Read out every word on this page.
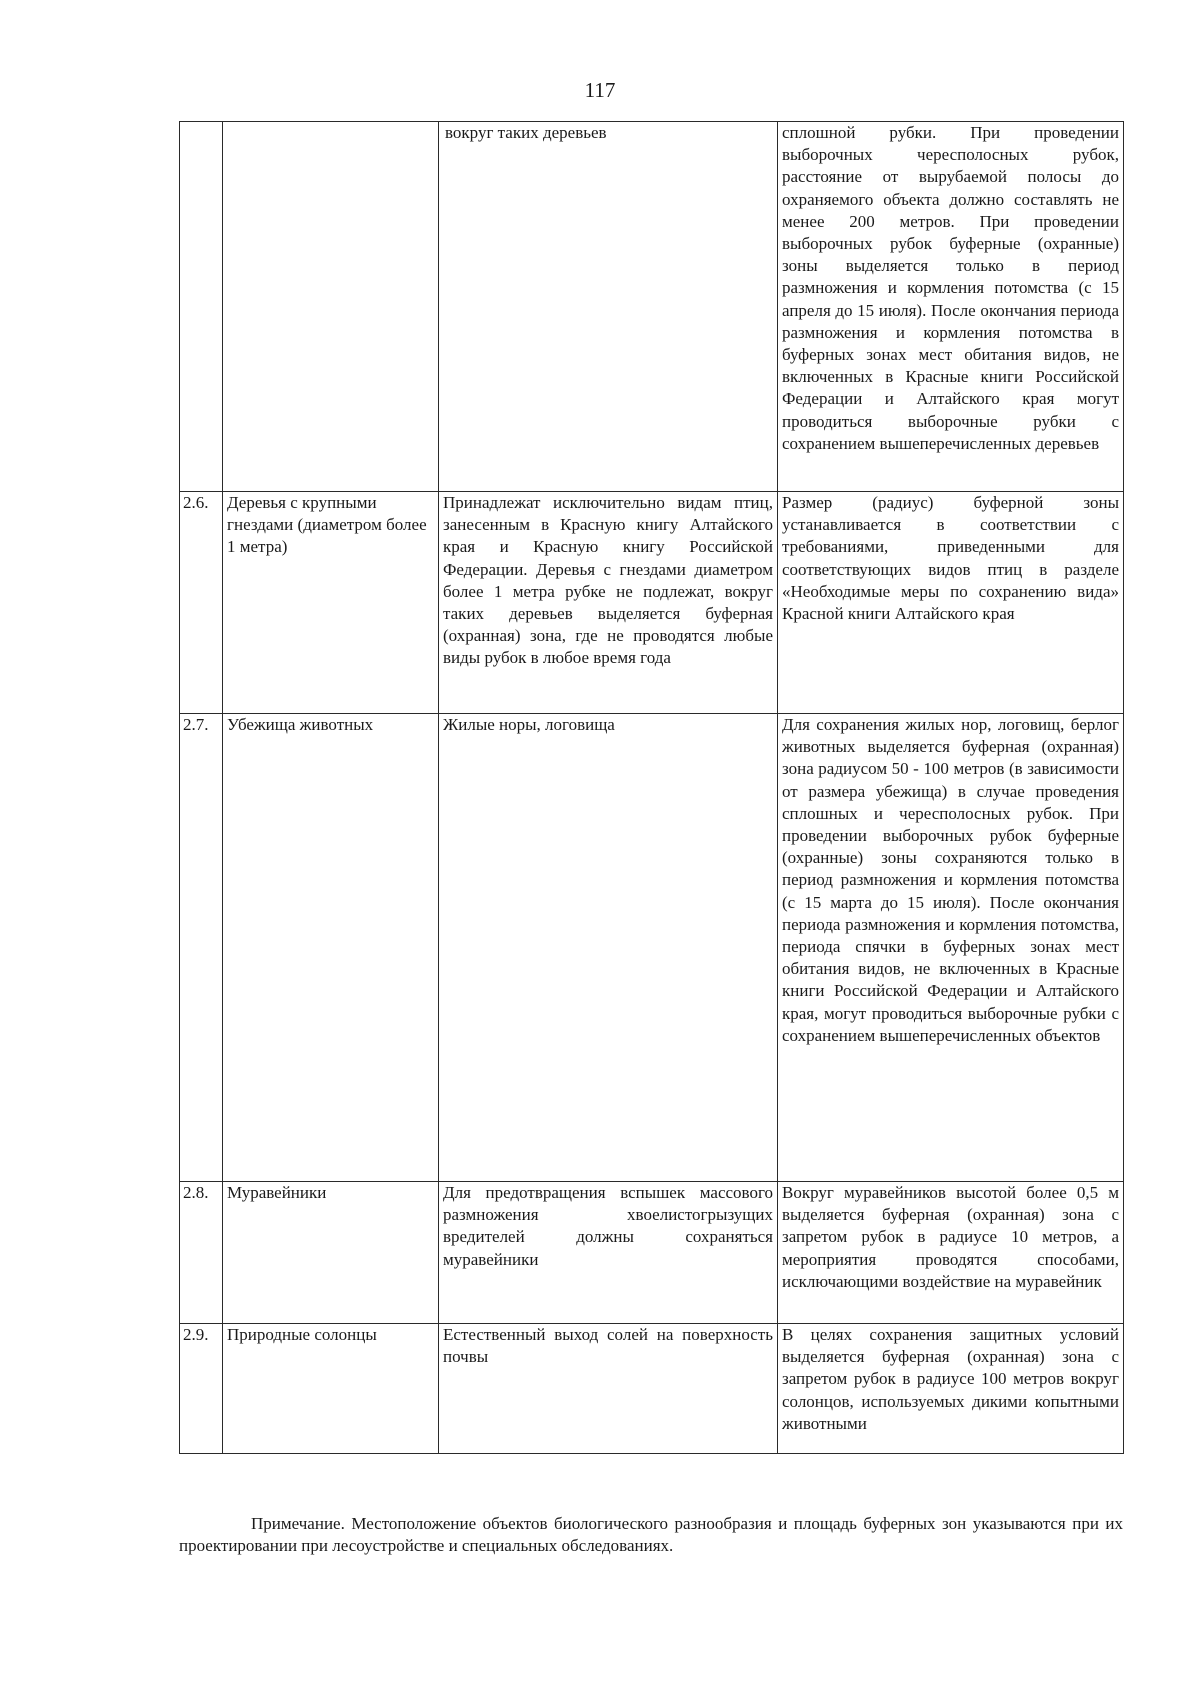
117

		вокруг таких деревьев	сплошной рубки. При проведении выборочных чересполосных рубок, расстояние от вырубаемой полосы до охраняемого объекта должно составлять не менее 200 метров. При проведении выборочных рубок буферные (охранные) зоны выделяется только в период размножения и кормления потомства (с 15 апреля до 15 июля). После окончания периода размножения и кормления потомства в буферных зонах мест обитания видов, не включенных в Красные книги Российской Федерации и Алтайского края могут проводиться выборочные рубки с сохранением вышеперечисленных деревьев
2.6.	Деревья с крупными гнездами (диаметром более 1 метра)	Принадлежат исключительно видам птиц, занесенным в Красную книгу Алтайского края и Красную книгу Российской Федерации. Деревья с гнездами диаметром более 1 метра рубке не подлежат, вокруг таких деревьев выделяется буферная (охранная) зона, где не проводятся любые виды рубок в любое время года	Размер (радиус) буферной зоны устанавливается в соответствии с требованиями, приведенными для соответствующих видов птиц в разделе «Необходимые меры по сохранению вида» Красной книги Алтайского края
2.7.	Убежища животных	Жилые норы, логовища	Для сохранения жилых нор, логовищ, берлог животных выделяется буферная (охранная) зона радиусом 50 - 100 метров (в зависимости от размера убежища) в случае проведения сплошных и чересполосных рубок. При проведении выборочных рубок буферные (охранные) зоны сохраняются только в период размножения и кормления потомства (с 15 марта до 15 июля). После окончания периода размножения и кормления потомства, периода спячки в буферных зонах мест обитания видов, не включенных в Красные книги Российской Федерации и Алтайского края, могут проводиться выборочные рубки с сохранением вышеперечисленных объектов
2.8.	Муравейники	Для предотвращения вспышек массового размножения хвоелистогрызущих вредителей должны сохраняться муравейники	Вокруг муравейников высотой более 0,5 м выделяется буферная (охранная) зона с запретом рубок в радиусе 10 метров, а мероприятия проводятся способами, исключающими воздействие на муравейник
2.9.	Природные солонцы	Естественный выход солей на поверхность почвы	В целях сохранения защитных условий выделяется буферная (охранная) зона с запретом рубок в радиусе 100 метров вокруг солонцов, используемых дикими копытными животными
Примечание. Местоположение объектов биологического разнообразия и площадь буферных зон указываются при их проектировании при лесоустройстве и специальных обследованиях.
